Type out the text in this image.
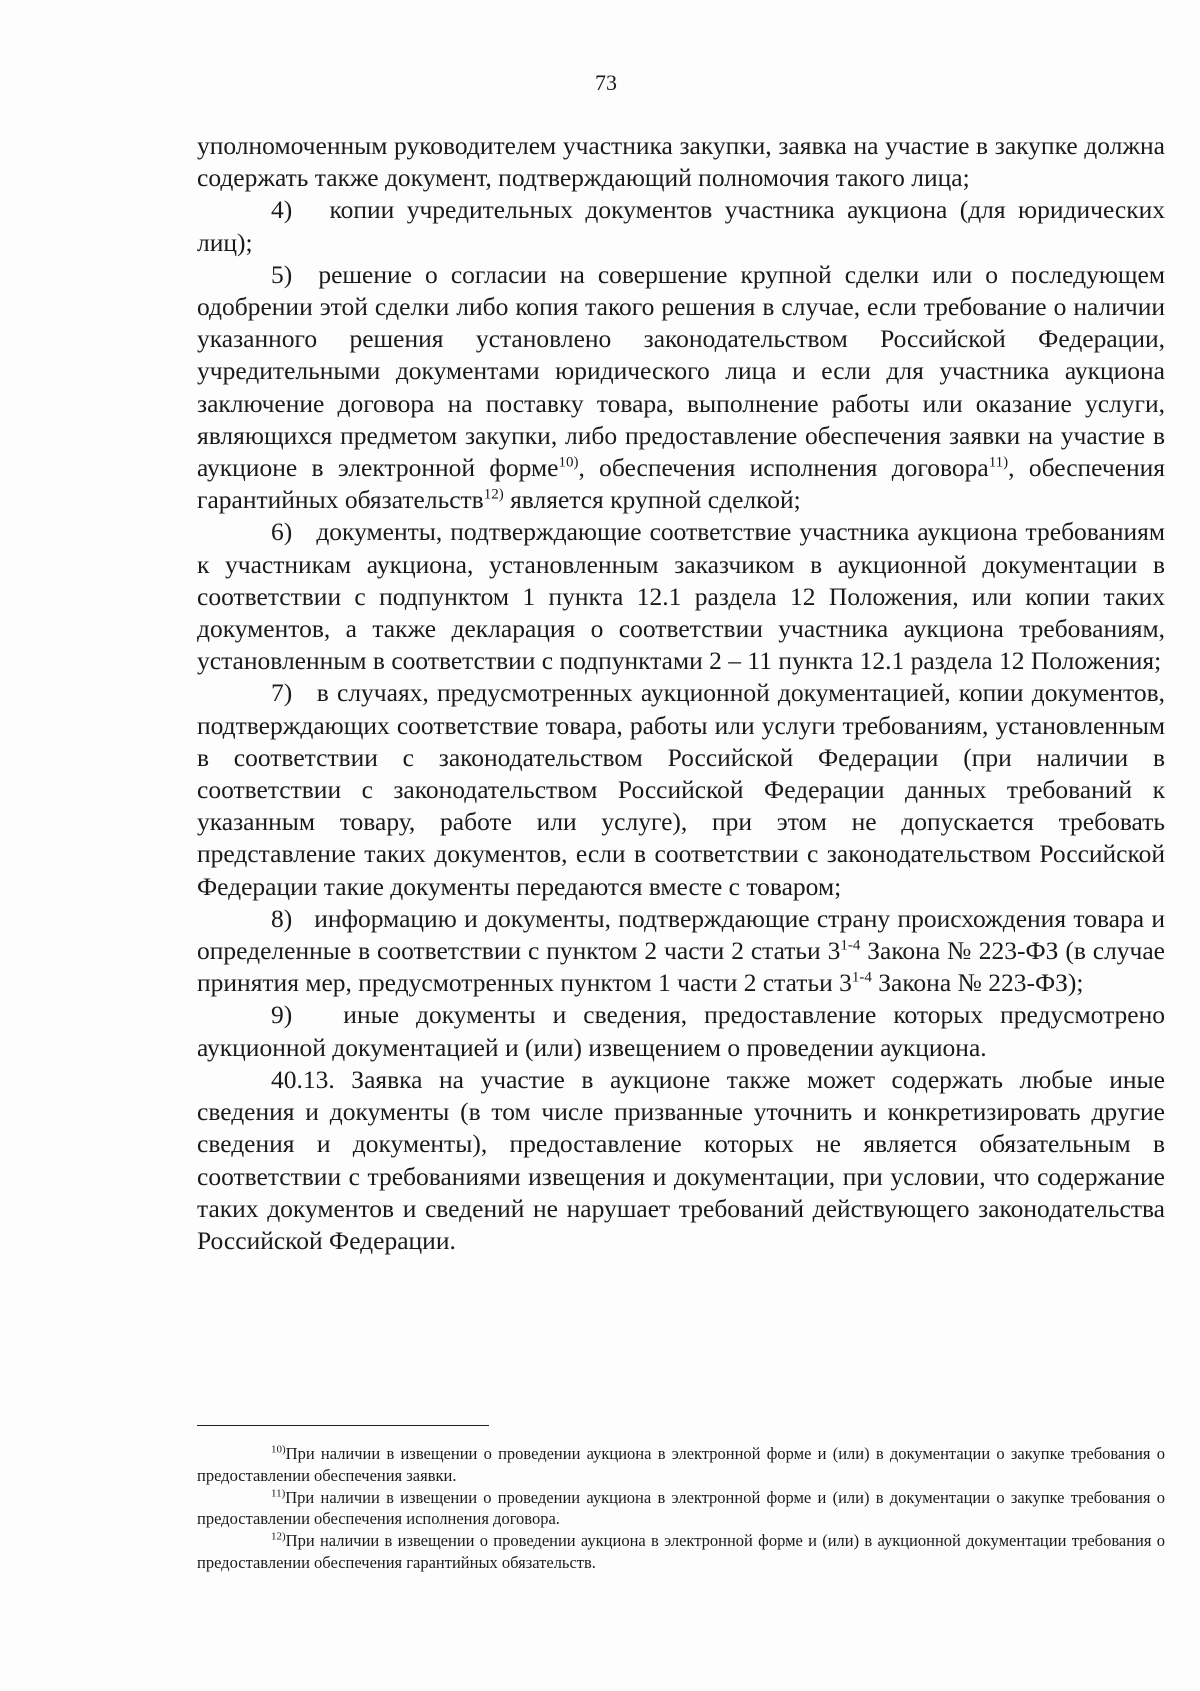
73

уполномоченным руководителем участника закупки, заявка на участие в закупке должна содержать также документ, подтверждающий полномочия такого лица;

4)   копии учредительных документов участника аукциона (для юридических лиц);

5)  решение о согласии на совершение крупной сделки или о последующем одобрении этой сделки либо копия такого решения в случае, если требование о наличии указанного решения установлено законодательством Российской Федерации, учредительными документами юридического лица и если для участника аукциона заключение договора на поставку товара, выполнение работы или оказание услуги, являющихся предметом закупки, либо предоставление обеспечения заявки на участие в аукционе в электронной форме$^{10)}$, обеспечения исполнения договора$^{11)}$, обеспечения гарантийных обязательств$^{12)}$ является крупной сделкой;

6)   документы, подтверждающие соответствие участника аукциона требованиям к участникам аукциона, установленным заказчиком в аукционной документации в соответствии с подпунктом 1 пункта 12.1 раздела 12 Положения, или копии таких документов, а также декларация о соответствии участника аукциона требованиям, установленным в соответствии с подпунктами 2 – 11 пункта 12.1 раздела 12 Положения;

7)   в случаях, предусмотренных аукционной документацией, копии документов, подтверждающих соответствие товара, работы или услуги требованиям, установленным в соответствии с законодательством Российской Федерации (при наличии в соответствии с законодательством Российской Федерации данных требований к указанным товару, работе или услуге), при этом не допускается требовать представление таких документов, если в соответствии с законодательством Российской Федерации такие документы передаются вместе с товаром;

8)   информацию и документы, подтверждающие страну происхождения товара и определенные в соответствии с пунктом 2 части 2 статьи 3$^{1-4}$ Закона № 223-ФЗ (в случае принятия мер, предусмотренных пунктом 1 части 2 статьи 3$^{1-4}$ Закона № 223-ФЗ);

9)   иные документы и сведения, предоставление которых предусмотрено аукционной документацией и (или) извещением о проведении аукциона.

40.13. Заявка на участие в аукционе также может содержать любые иные сведения и документы (в том числе призванные уточнить и конкретизировать другие сведения и документы), предоставление которых не является обязательным в соответствии с требованиями извещения и документации, при условии, что содержание таких документов и сведений не нарушает требований действующего законодательства Российской Федерации.

$^{10)}$При наличии в извещении о проведении аукциона в электронной форме и (или) в документации о закупке требования о предоставлении обеспечения заявки.

$^{11)}$При наличии в извещении о проведении аукциона в электронной форме и (или) в документации о закупке требования о предоставлении обеспечения исполнения договора.

$^{12)}$При наличии в извещении о проведении аукциона в электронной форме и (или) в аукционной документации требования о предоставлении обеспечения гарантийных обязательств.
